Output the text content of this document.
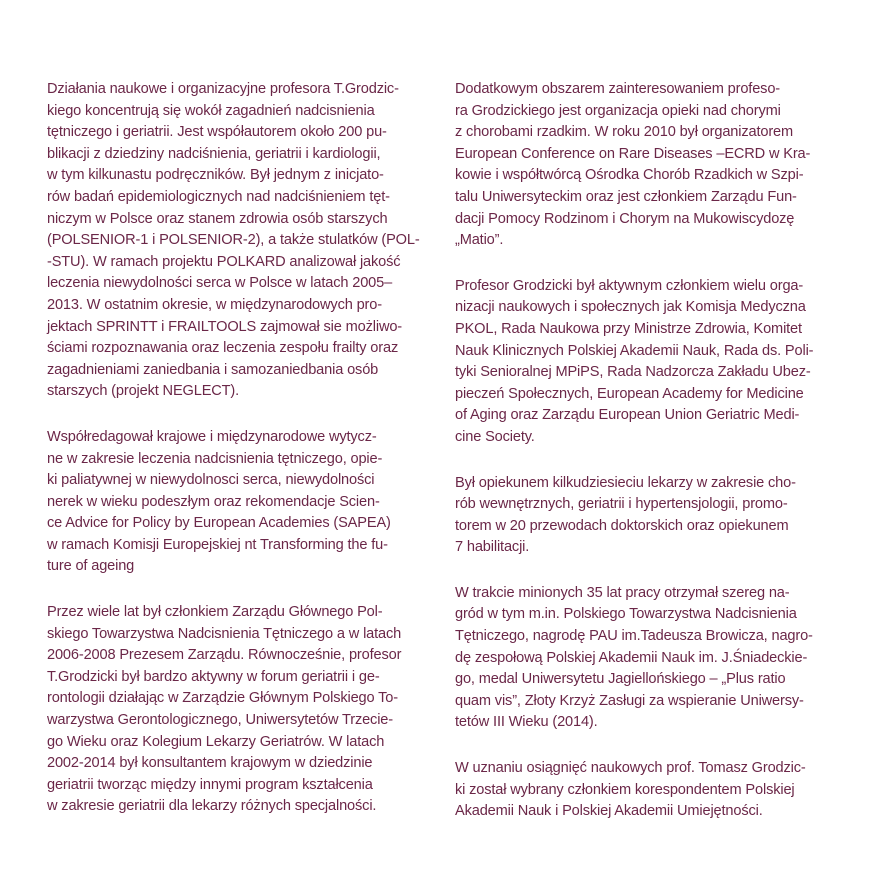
Działania naukowe i organizacyjne profesora T.Grodzic-
kiego koncentrują się wokół zagadnień nadcisnienia
tętniczego i geriatrii. Jest współautorem około 200 pu-
blikacji z dziedziny nadciśnienia, geriatrii i kardiologii,
w tym kilkunastu podręczników. Był jednym z inicjato-
rów badań epidemiologicznych nad nadciśnieniem tęt-
niczym w Polsce oraz stanem zdrowia osób starszych
(POLSENIOR-1 i POLSENIOR-2), a także stulatków (POL-
-STU). W ramach projektu POLKARD analizował jakość
leczenia niewydolności serca w Polsce w latach 2005–
2013. W ostatnim okresie, w międzynarodowych pro-
jektach SPRINTT i FRAILTOOLS zajmował sie możliwo-
ściami rozpoznawania oraz leczenia zespołu frailty oraz
zagadnieniami zaniedbania i samozaniedbania osób
starszych (projekt NEGLECT).

Współredagował krajowe i międzynarodowe wytycz-
ne w zakresie leczenia nadcisnienia tętniczego, opie-
ki paliatywnej w niewydolnosci serca, niewydolności
nerek w wieku podeszłym oraz rekomendacje Scien-
ce Advice for Policy by European Academies (SAPEA)
w ramach Komisji Europejskiej nt Transforming the fu-
ture of ageing

Przez wiele lat był członkiem Zarządu Głównego Pol-
skiego Towarzystwa Nadcisnienia Tętniczego a w latach
2006-2008 Prezesem Zarządu. Równocześnie, profesor
T.Grodzicki był bardzo aktywny w forum geriatrii i ge-
rontologii działając w Zarządzie Głównym Polskiego To-
warzystwa Gerontologicznego, Uniwersytetów Trzecie-
go Wieku oraz Kolegium Lekarzy Geriatrów. W latach
2002-2014 był konsultantem krajowym w dziedzinie
geriatrii tworząc między innymi program kształcenia
w zakresie geriatrii dla lekarzy różnych specjalności.

Dodatkowym obszarem zainteresowaniem profeso-
ra Grodzickiego jest organizacja opieki nad chorymi
z chorobami rzadkim. W roku 2010 był organizatorem
European Conference on Rare Diseases –ECRD w Kra-
kowie i współtwórcą Ośrodka Chorób Rzadkich w Szpi-
talu Uniwersyteckim oraz jest członkiem Zarządu Fun-
dacji Pomocy Rodzinom i Chorym na Mukowiscydozę
„Matio”.

Profesor Grodzicki był aktywnym członkiem wielu orga-
nizacji naukowych i społecznych jak Komisja Medyczna
PKOL, Rada Naukowa przy Ministrze Zdrowia, Komitet
Nauk Klinicznych Polskiej Akademii Nauk, Rada ds. Poli-
tyki Senioralnej MPiPS, Rada Nadzorcza Zakładu Ubez-
pieczeń Społecznych, European Academy for Medicine
of Aging oraz Zarządu European Union Geriatric Medi-
cine Society.

Był opiekunem kilkudziesieciu lekarzy w zakresie cho-
rób wewnętrznych, geriatrii i hypertensjologii, promo-
torem w 20 przewodach doktorskich oraz opiekunem
7 habilitacji.

W trakcie minionych 35 lat pracy otrzymał szereg na-
gród w tym m.in. Polskiego Towarzystwa Nadcisnienia
Tętniczego, nagrodę PAU im.Tadeusza Browicza, nagro-
dę zespołową Polskiej Akademii Nauk im. J.Śniadeckie-
go, medal Uniwersytetu Jagiellońskiego – „Plus ratio
quam vis”, Złoty Krzyż Zasługi za wspieranie Uniwersy-
tetów III Wieku (2014).

W uznaniu osiągnięć naukowych prof. Tomasz Grodzic-
ki został wybrany członkiem korespondentem Polskiej
Akademii Nauk i Polskiej Akademii Umiejętności.
